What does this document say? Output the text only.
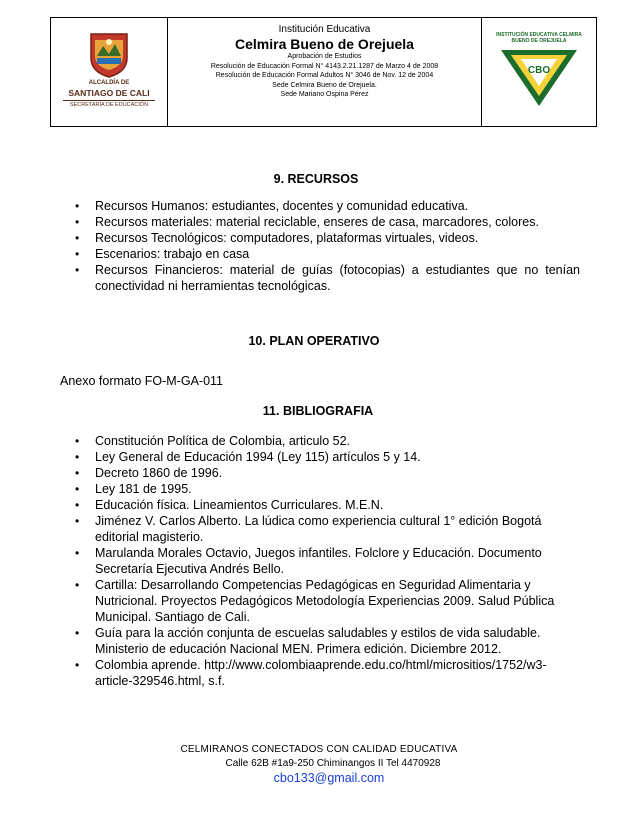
ALCALDÍA DE
SANTIAGO DE CALI
SECRETARÍA DE EDUCACIÓN
Institución Educativa
Celmira Bueno de Orejuela
Aprobación de Estudios
Resolución de Educación Formal N° 4143.2.21.1287 de Marzo 4 de 2008
Resolución de Educación Formal Adultos N° 3046 de Nov. 12 de 2004
Sede Celmira Bueno de Orejuela.
Sede Mariano Ospina Pérez
INSTITUCIÓN EDUCATIVA CELMIRA BUENO DE OREJUELA
CBO
9. RECURSOS
• Recursos Humanos: estudiantes, docentes y comunidad educativa.
• Recursos materiales: material reciclable, enseres de casa, marcadores, colores.
• Recursos Tecnológicos: computadores, plataformas virtuales, videos.
• Escenarios: trabajo en casa
• Recursos Financieros: material de guías (fotocopias) a estudiantes que no tenían conectividad ni herramientas tecnológicas.
10. PLAN OPERATIVO
Anexo formato FO-M-GA-011
11. BIBLIOGRAFIA
• Constitución Política de Colombia, articulo 52.
• Ley General de Educación 1994 (Ley 115) artículos 5 y 14.
• Decreto 1860 de 1996.
• Ley 181 de 1995.
• Educación física. Lineamientos Curriculares. M.E.N.
• Jiménez V. Carlos Alberto. La lúdica como experiencia cultural 1° edición Bogotá editorial magisterio.
• Marulanda Morales Octavio, Juegos infantiles. Folclore y Educación. Documento Secretaría Ejecutiva Andrés Bello.
• Cartilla: Desarrollando Competencias Pedagógicas en Seguridad Alimentaria y Nutricional. Proyectos Pedagógicos Metodología Experiencias 2009. Salud Pública Municipal. Santiago de Cali.
• Guía para la acción conjunta de escuelas saludables y estilos de vida saludable. Ministerio de educación Nacional MEN. Primera edición. Diciembre 2012.
• Colombia aprende. http://www.colombiaaprende.edu.co/html/micrositios/1752/w3-article-329546.html, s.f.
CELMIRANOS CONECTADOS CON CALIDAD EDUCATIVA
Calle 62B #1a9-250 Chiminangos II Tel 4470928
cbo133@gmail.com
